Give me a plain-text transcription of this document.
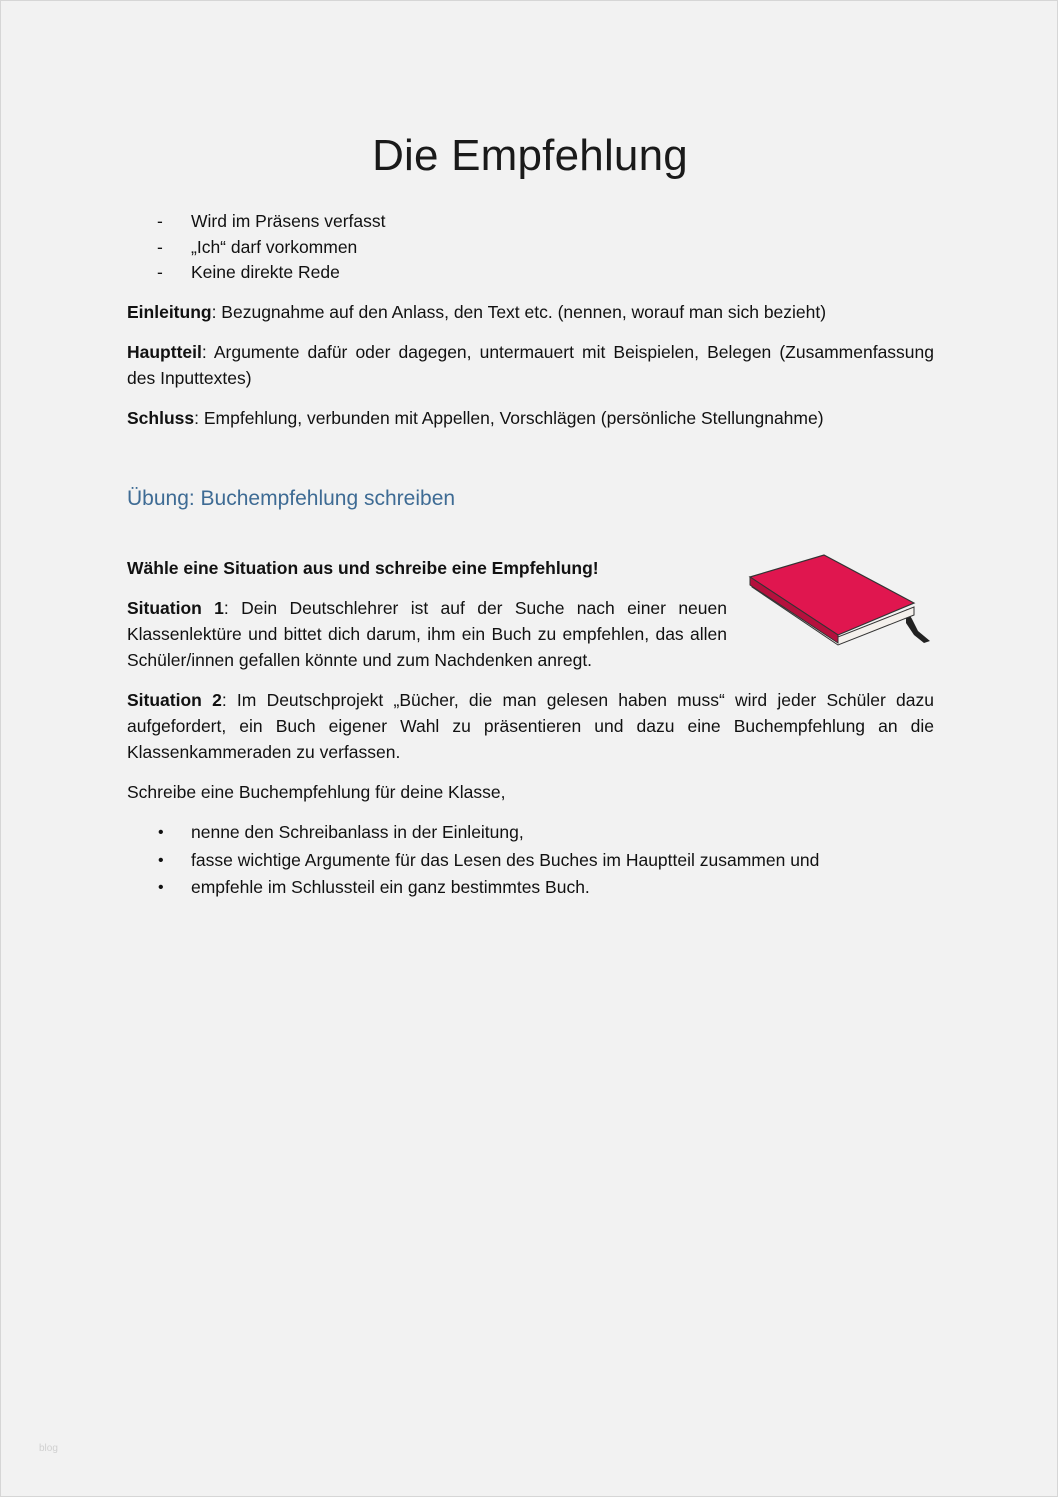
Die Empfehlung
- Wird im Präsens verfasst
- „Ich“ darf vorkommen
- Keine direkte Rede

Einleitung: Bezugnahme auf den Anlass, den Text etc. (nennen, worauf man sich bezieht)

Hauptteil: Argumente dafür oder dagegen, untermauert mit Beispielen, Belegen (Zusammenfassung des Inputtextes)

Schluss: Empfehlung, verbunden mit Appellen, Vorschlägen (persönliche Stellungnahme)

Übung: Buchempfehlung schreiben

Wähle eine Situation aus und schreibe eine Empfehlung!

Situation 1: Dein Deutschlehrer ist auf der Suche nach einer neuen Klassenlektüre und bittet dich darum, ihm ein Buch zu empfehlen, das allen Schüler/innen gefallen könnte und zum Nachdenken anregt.

Situation 2: Im Deutschprojekt „Bücher, die man gelesen haben muss“ wird jeder Schüler dazu aufgefordert, ein Buch eigener Wahl zu präsentieren und dazu eine Buchempfehlung an die Klassenkammeraden zu verfassen.

Schreibe eine Buchempfehlung für deine Klasse,

• nenne den Schreibanlass in der Einleitung,
• fasse wichtige Argumente für das Lesen des Buches im Hauptteil zusammen und
• empfehle im Schlussteil ein ganz bestimmtes Buch.
blog
